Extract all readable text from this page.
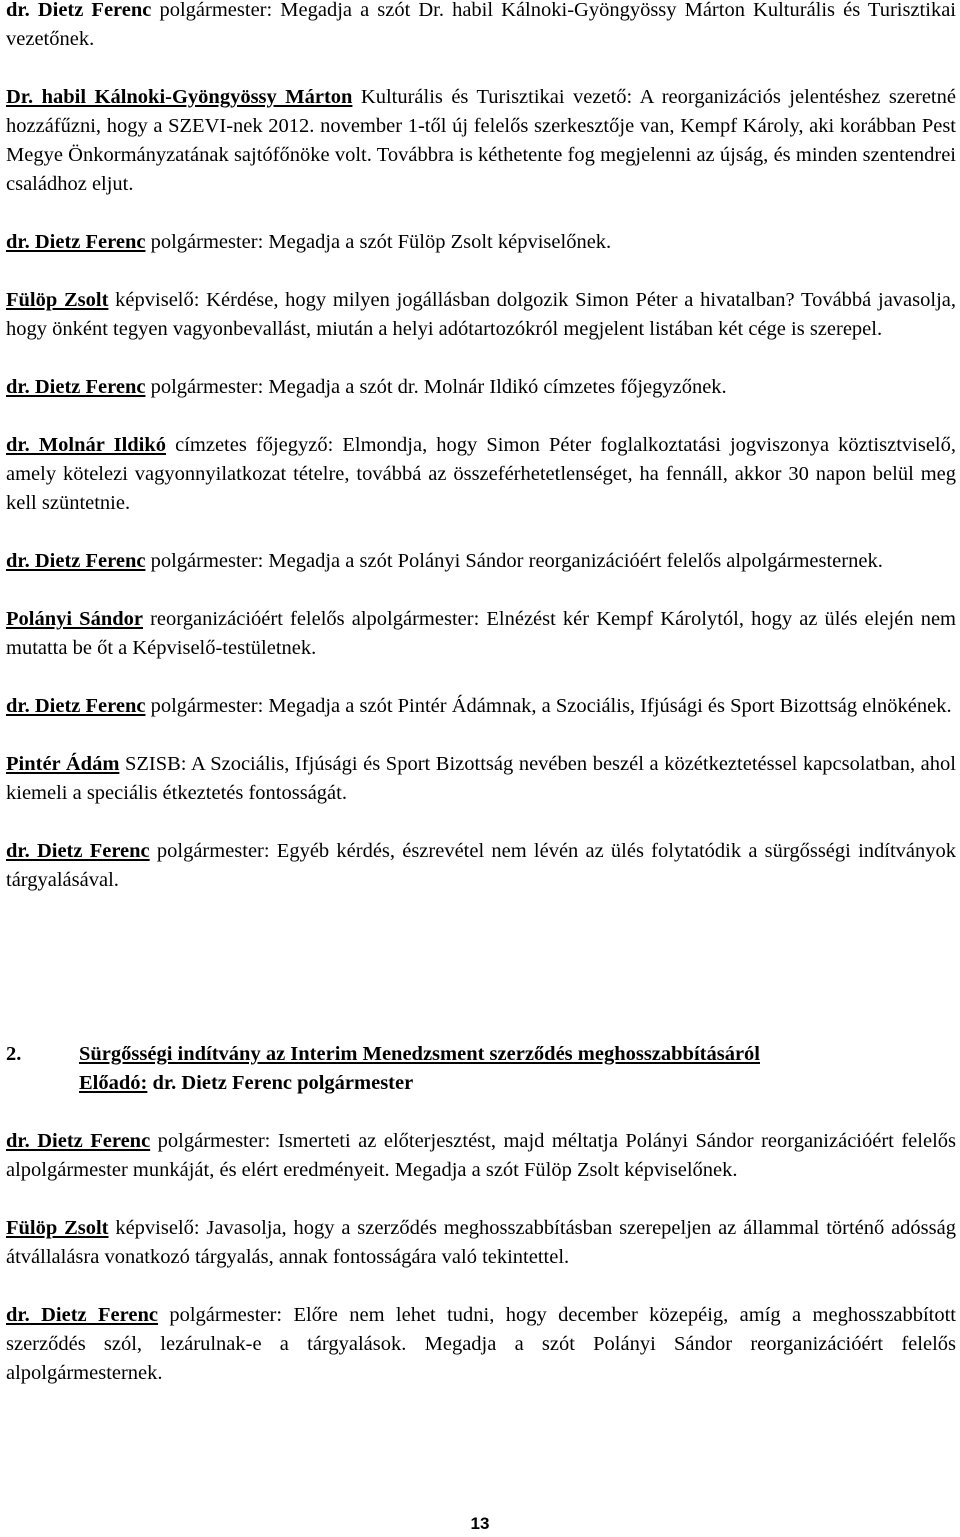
dr. Dietz Ferenc polgármester: Megadja a szót Dr. habil Kálnoki-Gyöngyössy Márton Kulturális és Turisztikai vezetőnek.

Dr. habil Kálnoki-Gyöngyössy Márton Kulturális és Turisztikai vezető: A reorganizációs jelentéshez szeretné hozzáfűzni, hogy a SZEVI-nek 2012. november 1-től új felelős szerkesztője van, Kempf Károly, aki korábban Pest Megye Önkormányzatának sajtófőnöke volt. Továbbra is kéthetente fog megjelenni az újság, és minden szentendrei családhoz eljut.

dr. Dietz Ferenc polgármester: Megadja a szót Fülöp Zsolt képviselőnek.

Fülöp Zsolt képviselő: Kérdése, hogy milyen jogállásban dolgozik Simon Péter a hivatalban? Továbbá javasolja, hogy önként tegyen vagyonbevallást, miután a helyi adótartozókról megjelent listában két cége is szerepel.

dr. Dietz Ferenc polgármester: Megadja a szót dr. Molnár Ildikó címzetes főjegyzőnek.

dr. Molnár Ildikó címzetes főjegyző: Elmondja, hogy Simon Péter foglalkoztatási jogviszonya köztisztviselő, amely kötelezi vagyonnyilatkozat tételre, továbbá az összeférhetetlenséget, ha fennáll, akkor 30 napon belül meg kell szüntetnie.

dr. Dietz Ferenc polgármester: Megadja a szót Polányi Sándor reorganizációért felelős alpolgármesternek.

Polányi Sándor reorganizációért felelős alpolgármester: Elnézést kér Kempf Károlytól, hogy az ülés elején nem mutatta be őt a Képviselő-testületnek.

dr. Dietz Ferenc polgármester: Megadja a szót Pintér Ádámnak, a Szociális, Ifjúsági és Sport Bizottság elnökének.

Pintér Ádám SZISB: A Szociális, Ifjúsági és Sport Bizottság nevében beszél a közétkeztetéssel kapcsolatban, ahol kiemeli a speciális étkeztetés fontosságát.

dr. Dietz Ferenc polgármester: Egyéb kérdés, észrevétel nem lévén az ülés folytatódik a sürgősségi indítványok tárgyalásával.

2.	Sürgősségi indítvány az Interim Menedzsment szerződés meghosszabbításáról
Előadó: dr. Dietz Ferenc polgármester

dr. Dietz Ferenc polgármester: Ismerteti az előterjesztést, majd méltatja Polányi Sándor reorganizációért felelős alpolgármester munkáját, és elért eredményeit. Megadja a szót Fülöp Zsolt képviselőnek.

Fülöp Zsolt képviselő: Javasolja, hogy a szerződés meghosszabbításban szerepeljen az állammal történő adósság átvállalásra vonatkozó tárgyalás, annak fontosságára való tekintettel.

dr. Dietz Ferenc polgármester: Előre nem lehet tudni, hogy december közepéig, amíg a meghosszabbított szerződés szól, lezárulnak-e a tárgyalások. Megadja a szót Polányi Sándor reorganizációért felelős alpolgármesternek.

13
